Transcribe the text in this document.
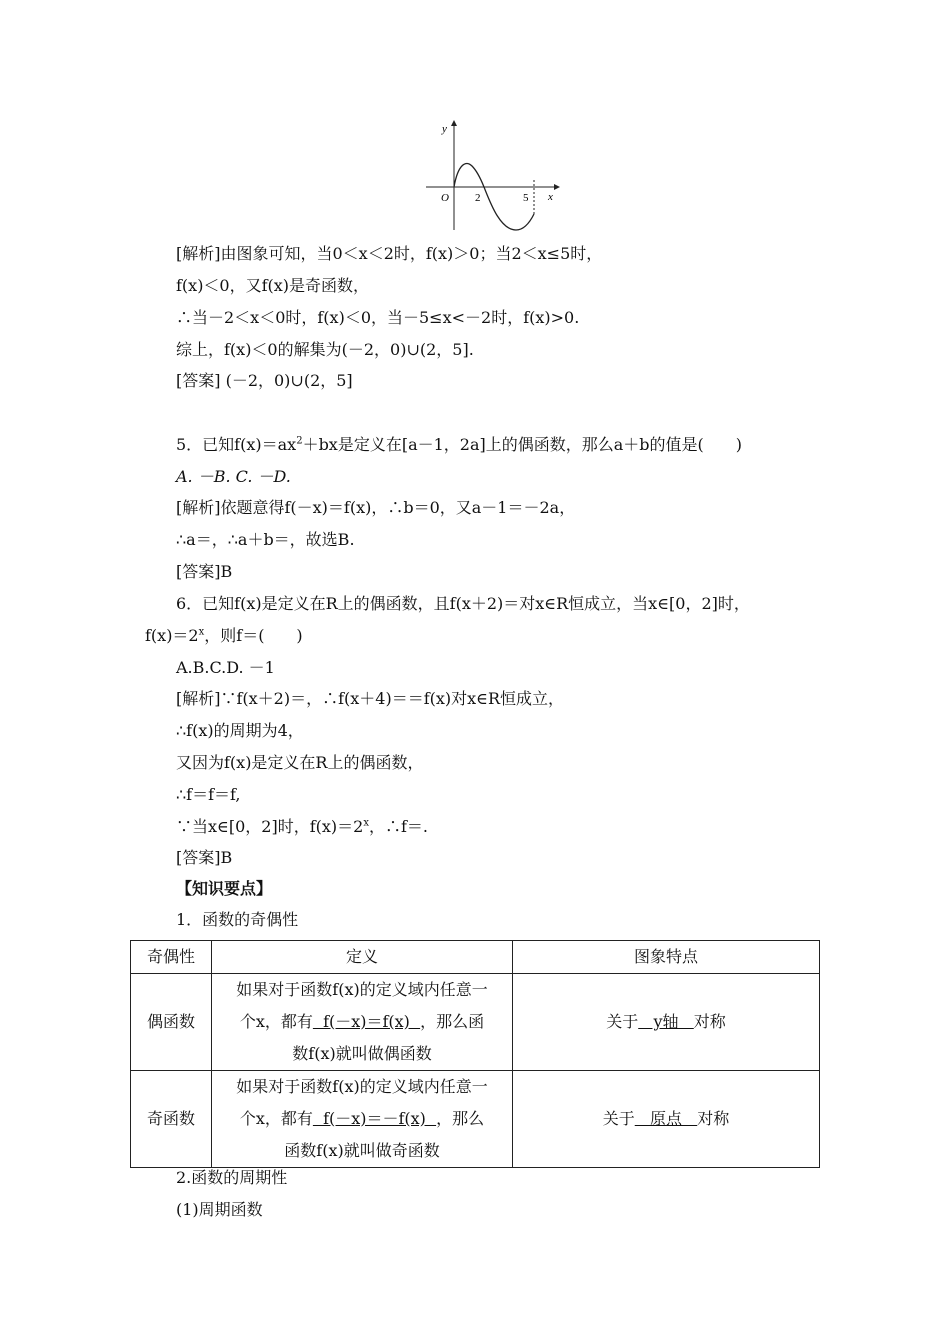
y
x
O 2	5
[解析]由图象可知，当0＜x＜2时，f(x)＞0；当2＜x≤5时，
f(x)＜0，又f(x)是奇函数，
∴当－2＜x＜0时，f(x)＜0，当－5≤x<－2时，f(x)>0.
综上，f(x)＜0的解集为(－2，0)∪(2，5].
[答案] (－2，0)∪(2，5]
5．已知$f(x)=ax^2+bx$是定义在[a－1，2a]上的偶函数，那么a＋b的值是(　　)
A. －B. C. －D.
[解析]依题意得f(－x)＝f(x)，∴b＝0，又a－1＝－2a，
∴a＝，∴a＋b＝，故选B.
[答案]B
6．已知f(x)是定义在R上的偶函数，且f(x＋2)＝对x∈R恒成立，当x∈[0，2]时，
$f(x)=2^x$，则f＝(　　)
A.B.C.D. －1
[解析]∵f(x＋2)＝，∴f(x＋4)＝＝f(x)对x∈R恒成立，
∴f(x)的周期为4，
又因为f(x)是定义在R上的偶函数，
∴f＝f＝f,
∵当x∈[0，2]时，$f(x)=2^x$，∴f＝.
[答案]B
【知识要点】
1．函数的奇偶性
奇偶性	定义	图象特点
偶函数	如果对于函数f(x)的定义域内任意一
个x，都有  f(－x)＝f(x)  ，那么函
数f(x)就叫做偶函数	关于   y轴   对称
奇函数	如果对于函数f(x)的定义域内任意一
个x，都有  f(－x)＝－f(x)  ，那么
函数f(x)就叫做奇函数	关于   原点   对称
2.函数的周期性
(1)周期函数
